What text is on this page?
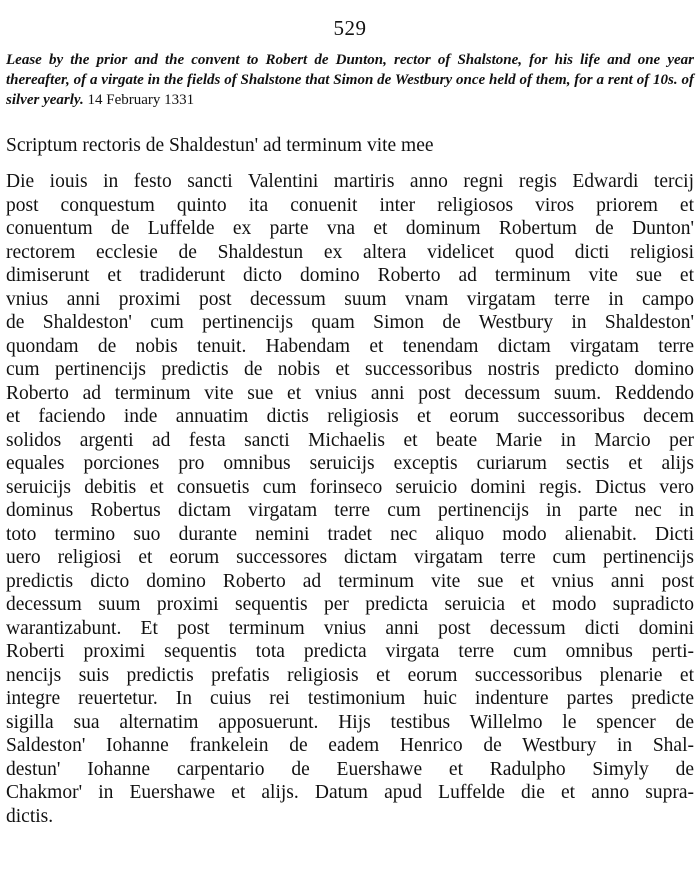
529
Lease by the prior and the convent to Robert de Dunton, rector of Shalstone, for his life and one year thereafter, of a virgate in the fields of Shalstone that Simon de Westbury once held of them, for a rent of 10s. of silver yearly. 14 February 1331
Scriptum rectoris de Shaldestun' ad terminum vite mee
Die iouis in festo sancti Valentini martiris anno regni regis Edwardi tercij
post conquestum quinto ita conuenit inter religiosos viros priorem et
conuentum de Luffelde ex parte vna et dominum Robertum de Dunton'
rectorem ecclesie de Shaldestun ex altera videlicet quod dicti religiosi
dimiserunt et tradiderunt dicto domino Roberto ad terminum vite sue et
vnius anni proximi post decessum suum vnam virgatam terre in campo
de Shaldeston' cum pertinencijs quam Simon de Westbury in Shaldeston'
quondam de nobis tenuit. Habendam et tenendam dictam virgatam terre
cum pertinencijs predictis de nobis et successoribus nostris predicto domino
Roberto ad terminum vite sue et vnius anni post decessum suum. Reddendo
et faciendo inde annuatim dictis religiosis et eorum successoribus decem
solidos argenti ad festa sancti Michaelis et beate Marie in Marcio per
equales porciones pro omnibus seruicijs exceptis curiarum sectis et alijs
seruicijs debitis et consuetis cum forinseco seruicio domini regis. Dictus vero
dominus Robertus dictam virgatam terre cum pertinencijs in parte nec in
toto termino suo durante nemini tradet nec aliquo modo alienabit. Dicti
uero religiosi et eorum successores dictam virgatam terre cum pertinencijs
predictis dicto domino Roberto ad terminum vite sue et vnius anni post
decessum suum proximi sequentis per predicta seruicia et modo supradicto
warantizabunt. Et post terminum vnius anni post decessum dicti domini
Roberti proximi sequentis tota predicta virgata terre cum omnibus perti-
nencijs suis predictis prefatis religiosis et eorum successoribus plenarie et
integre reuertetur. In cuius rei testimonium huic indenture partes predicte
sigilla sua alternatim apposuerunt. Hijs testibus Willelmo le spencer de
Saldeston' Iohanne frankelein de eadem Henrico de Westbury in Shal-
destun' Iohanne carpentario de Euershawe et Radulpho Simyly de
Chakmor' in Euershawe et alijs. Datum apud Luffelde die et anno supra-
dictis.
